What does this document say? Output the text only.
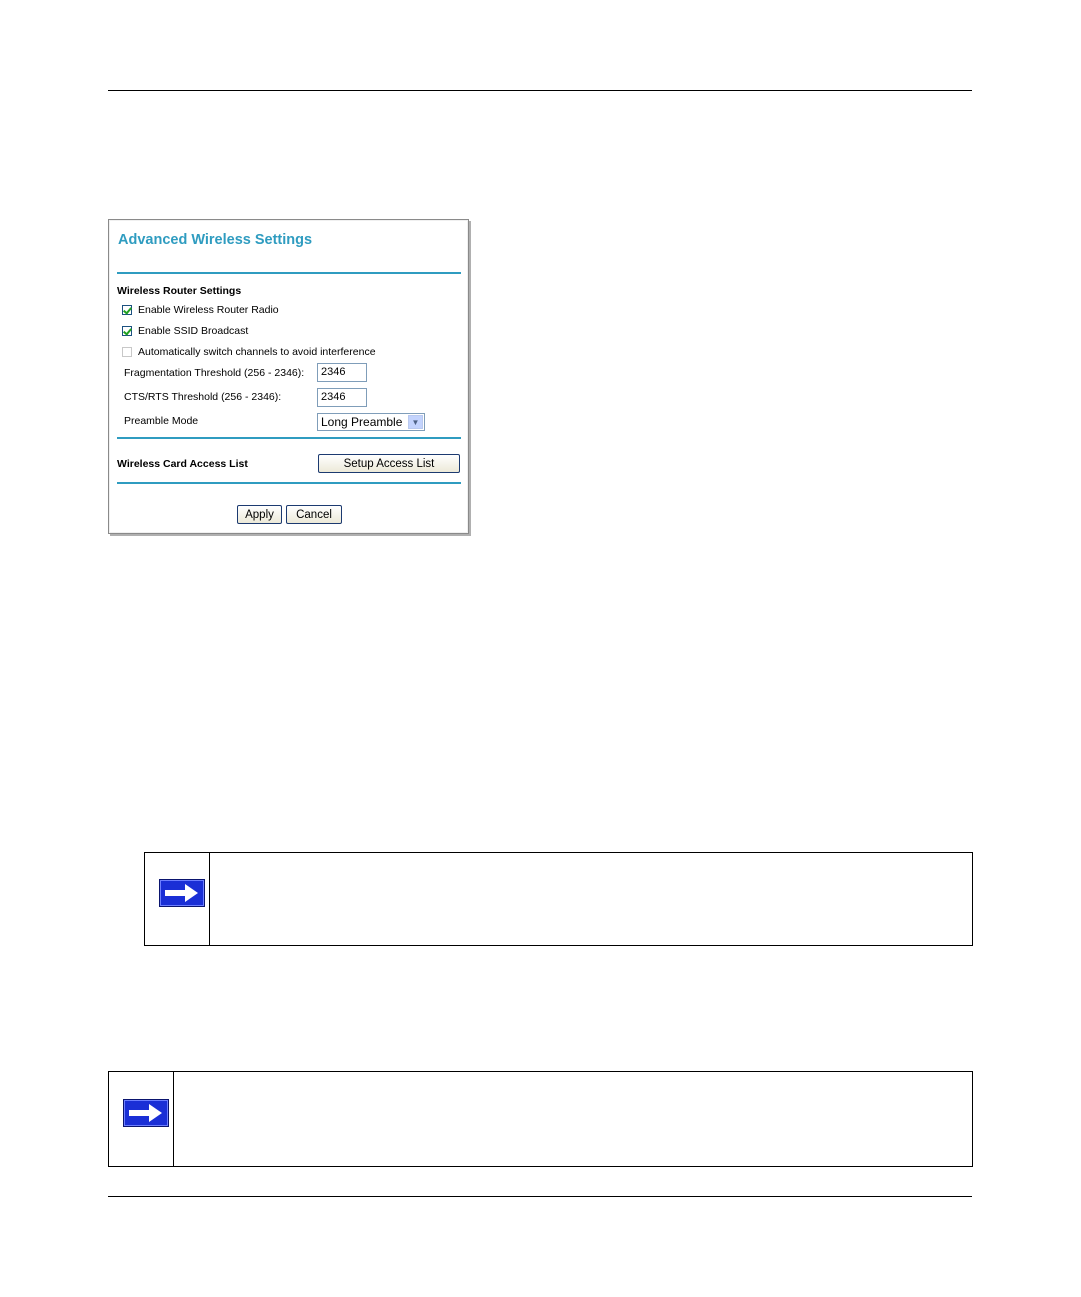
Advanced Wireless Settings
Wireless Router Settings
Enable Wireless Router Radio
Enable SSID Broadcast
Automatically switch channels to avoid interference
Fragmentation Threshold (256 - 2346):	2346
CTS/RTS Threshold (256 - 2346):	2346
Preamble Mode	Long Preamble	▼
Wireless Card Access List	Setup Access List
Apply	Cancel
